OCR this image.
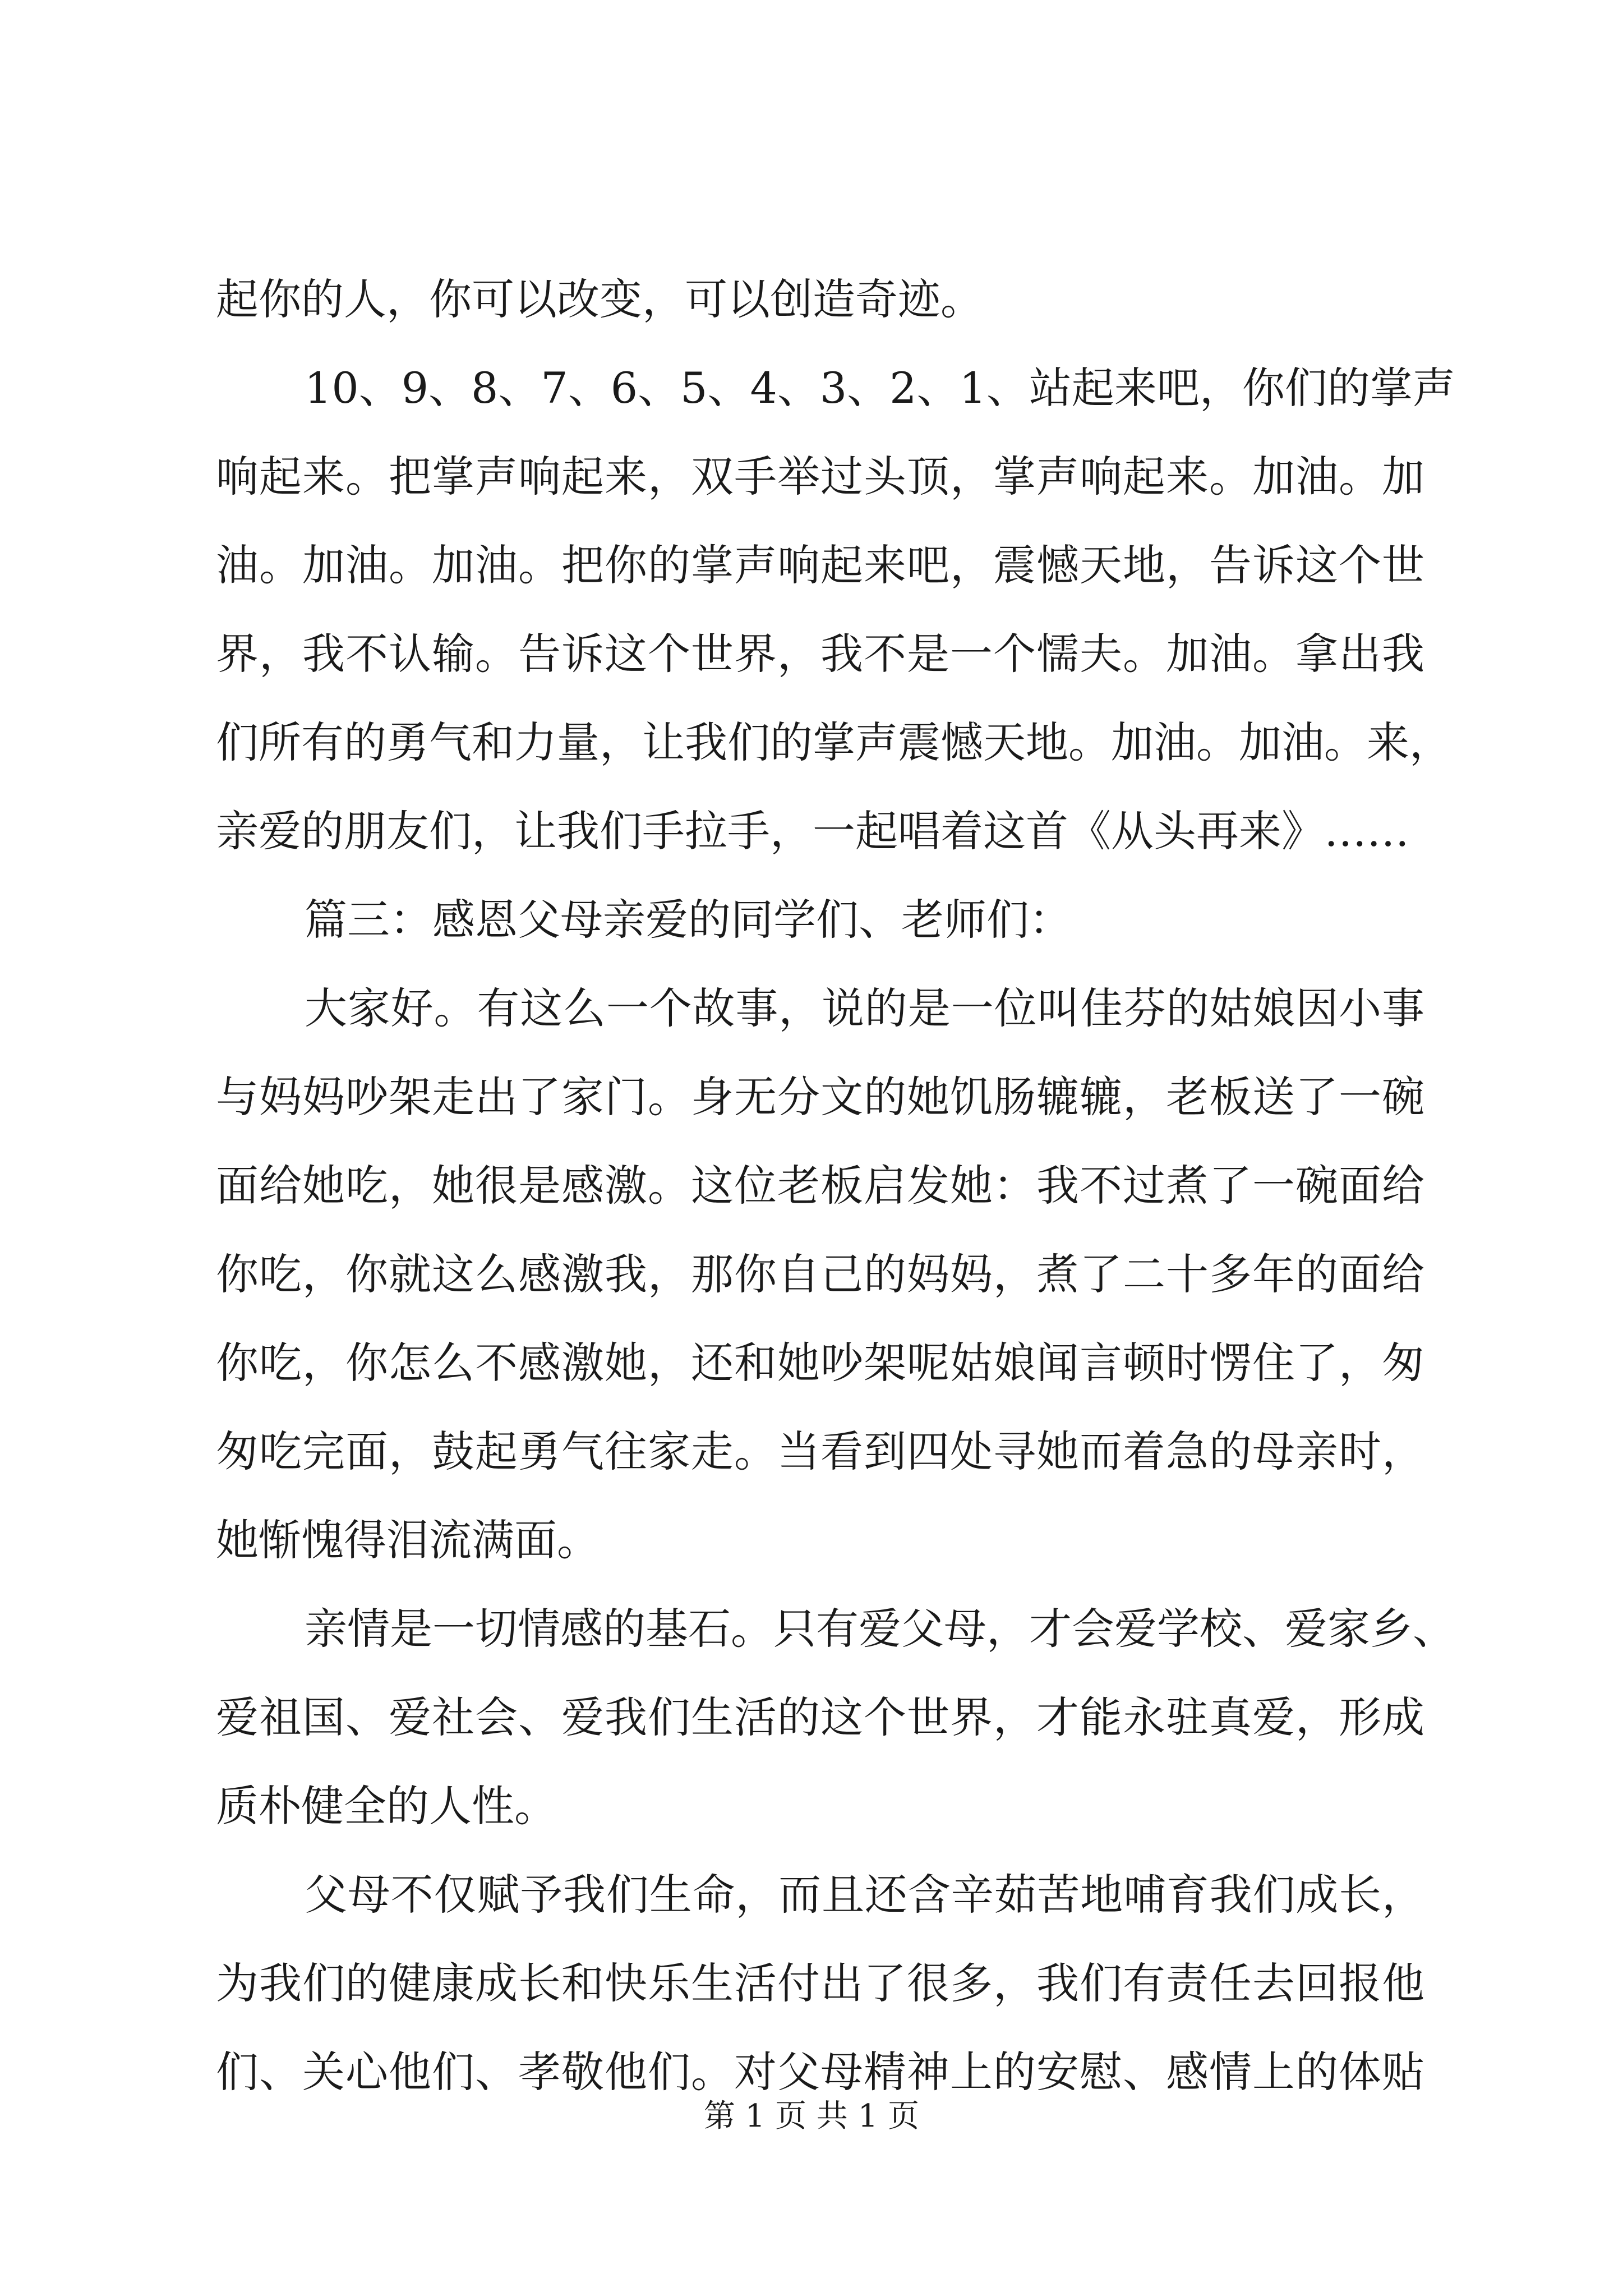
起你的人，你可以改变，可以创造奇迹。
10、9、8、7、6、5、4、3、2、1、站起来吧，你们的掌声
响起来。把掌声响起来，双手举过头顶，掌声响起来。加油。加
油。加油。加油。把你的掌声响起来吧，震憾天地，告诉这个世
界，我不认输。告诉这个世界，我不是一个懦夫。加油。拿出我
们所有的勇气和力量，让我们的掌声震憾天地。加油。加油。来，
亲爱的朋友们，让我们手拉手，一起唱着这首《从头再来》……
篇三：感恩父母亲爱的同学们、老师们：
大家好。有这么一个故事，说的是一位叫佳芬的姑娘因小事
与妈妈吵架走出了家门。身无分文的她饥肠辘辘，老板送了一碗
面给她吃，她很是感激。这位老板启发她：我不过煮了一碗面给
你吃，你就这么感激我，那你自己的妈妈，煮了二十多年的面给
你吃，你怎么不感激她，还和她吵架呢姑娘闻言顿时愣住了，匆
匆吃完面，鼓起勇气往家走。当看到四处寻她而着急的母亲时，
她惭愧得泪流满面。
亲情是一切情感的基石。只有爱父母，才会爱学校、爱家乡、
爱祖国、爱社会、爱我们生活的这个世界，才能永驻真爱，形成
质朴健全的人性。
父母不仅赋予我们生命，而且还含辛茹苦地哺育我们成长，
为我们的健康成长和快乐生活付出了很多，我们有责任去回报他
们、关心他们、孝敬他们。对父母精神上的安慰、感情上的体贴
第 1 页 共 1 页
